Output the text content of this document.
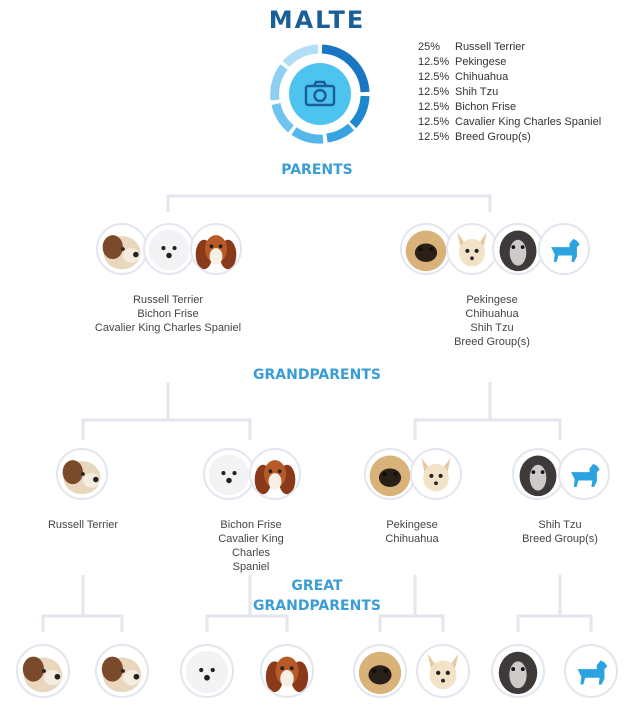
MALTE
25% Russell Terrier
12.5% Pekingese
12.5% Chihuahua
12.5% Shih Tzu
12.5% Bichon Frise
12.5% Cavalier King Charles Spaniel
12.5% Breed Group(s)
PARENTS
GRANDPARENTS
GREAT
GRANDPARENTS
Russell Terrier
Bichon Frise
Cavalier King Charles Spaniel
Pekingese
Chihuahua
Shih Tzu
Breed Group(s)
Russell Terrier	Bichon Frise
Cavalier King
Charles
Spaniel
Pekingese
Chihuahua
Shih Tzu
Breed Group(s)
